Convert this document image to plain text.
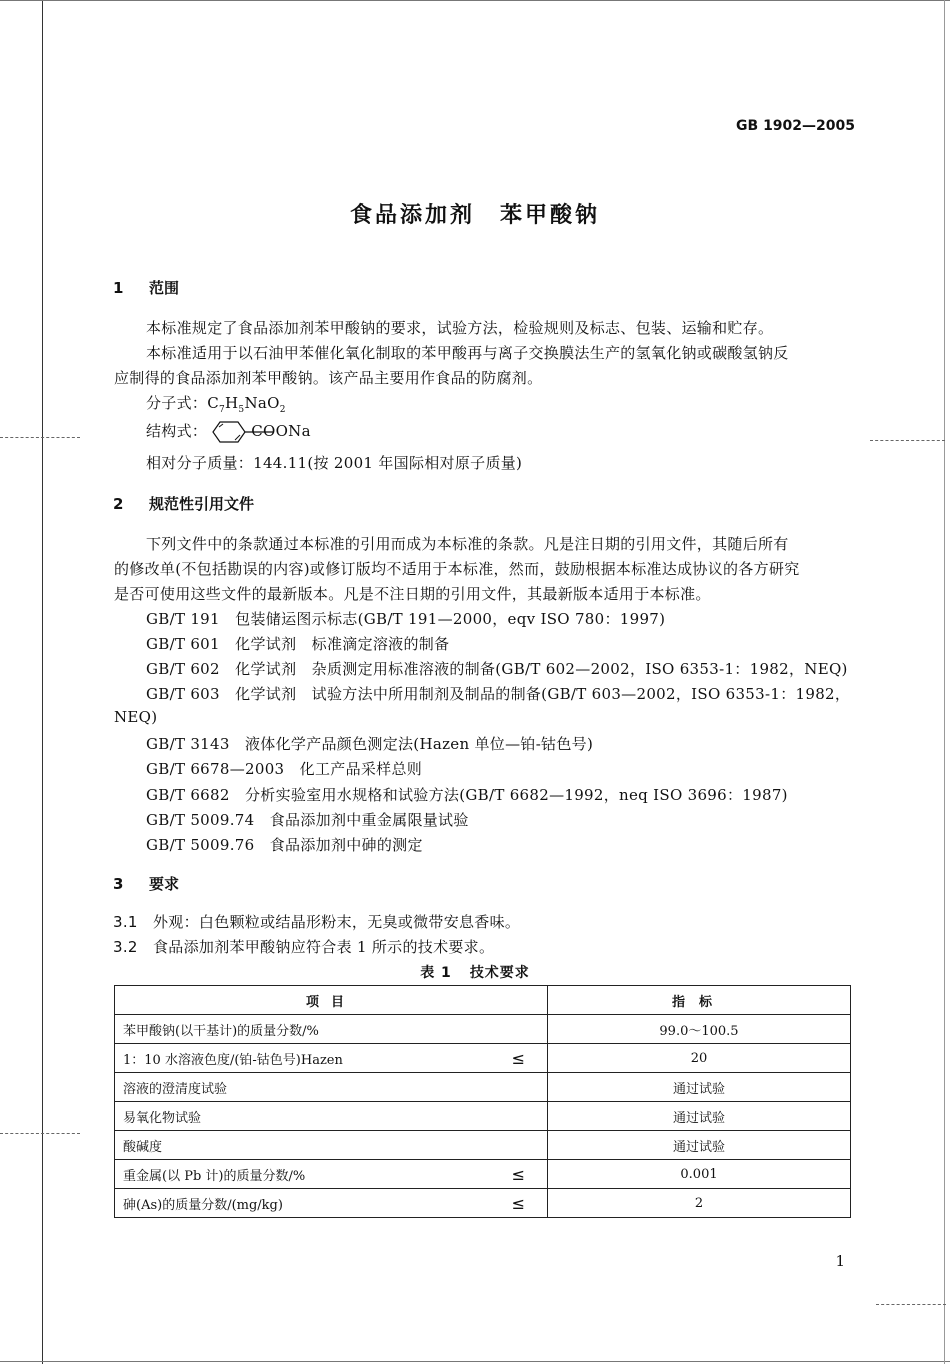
GB 1902—2005
食品添加剂　苯甲酸钠
1 范围
本标准规定了食品添加剂苯甲酸钠的要求，试验方法，检验规则及标志、包装、运输和贮存。
本标准适用于以石油甲苯催化氧化制取的苯甲酸再与离子交换膜法生产的氢氧化钠或碳酸氢钠反
应制得的食品添加剂苯甲酸钠。该产品主要用作食品的防腐剂。
分子式：$C_7H_5NaO_2$
结构式：	COONa
相对分子质量：144.11(按 2001 年国际相对原子质量)
2 规范性引用文件
下列文件中的条款通过本标准的引用而成为本标准的条款。凡是注日期的引用文件，其随后所有
的修改单(不包括勘误的内容)或修订版均不适用于本标准，然而，鼓励根据本标准达成协议的各方研究
是否可使用这些文件的最新版本。凡是不注日期的引用文件，其最新版本适用于本标准。
GB/T 191　包装储运图示标志(GB/T 191—2000，eqv ISO 780：1997)
GB/T 601　化学试剂　标准滴定溶液的制备
GB/T 602　化学试剂　杂质测定用标准溶液的制备(GB/T 602—2002，ISO 6353-1：1982，NEQ)
GB/T 603　化学试剂　试验方法中所用制剂及制品的制备(GB/T 603—2002，ISO 6353-1：1982，
NEQ)
GB/T 3143　液体化学产品颜色测定法(Hazen 单位—铂-钴色号)
GB/T 6678—2003　化工产品采样总则
GB/T 6682　分析实验室用水规格和试验方法(GB/T 6682—1992，neq ISO 3696：1987)
GB/T 5009.74　食品添加剂中重金属限量试验
GB/T 5009.76　食品添加剂中砷的测定
3 要求
3.1 外观：白色颗粒或结晶形粉末，无臭或微带安息香味。
3.2 食品添加剂苯甲酸钠应符合表 1 所示的技术要求。
表 1 技术要求
项目	指标

苯甲酸钠(以干基计)的质量分数/%	99.0～100.5

1：10 水溶液色度/(铂-钴色号)Hazen ≤	20

溶液的澄清度试验	通过试验

易氧化物试验	通过试验

酸碱度	通过试验

重金属(以 Pb 计)的质量分数/% ≤	0.001

砷(As)的质量分数/(mg/kg) ≤	2
1
